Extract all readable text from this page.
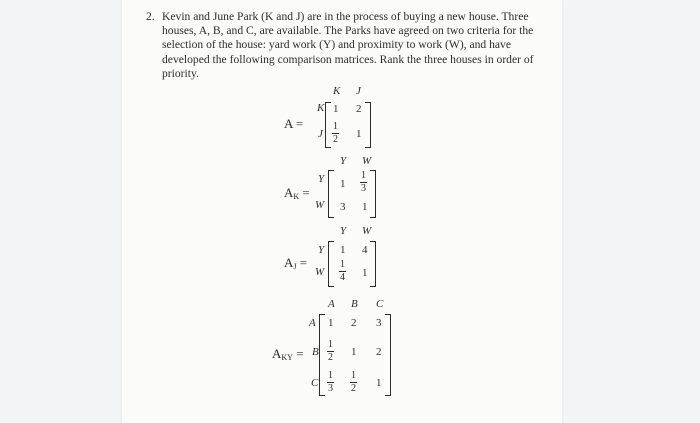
2. Kevin and June Park (K and J) are in the process of buying a new house. Three houses, A, B, and C, are available. The Parks have agreed on two criteria for the selection of the house: yard work (Y) and proximity to work (W), and have developed the following comparison matrices. Rank the three houses in order of priority.
A =
K J
K
J
1 2
1
2 1
$A_K$ =
Y W
Y
W
1
1
3
3 1
$A_J$ =
Y W
Y
W
1 4
1
4 1
$A_{KY}$ =
A B C
A
B
C
1 2 3
1
2 1 2
1
3
1
2 1
